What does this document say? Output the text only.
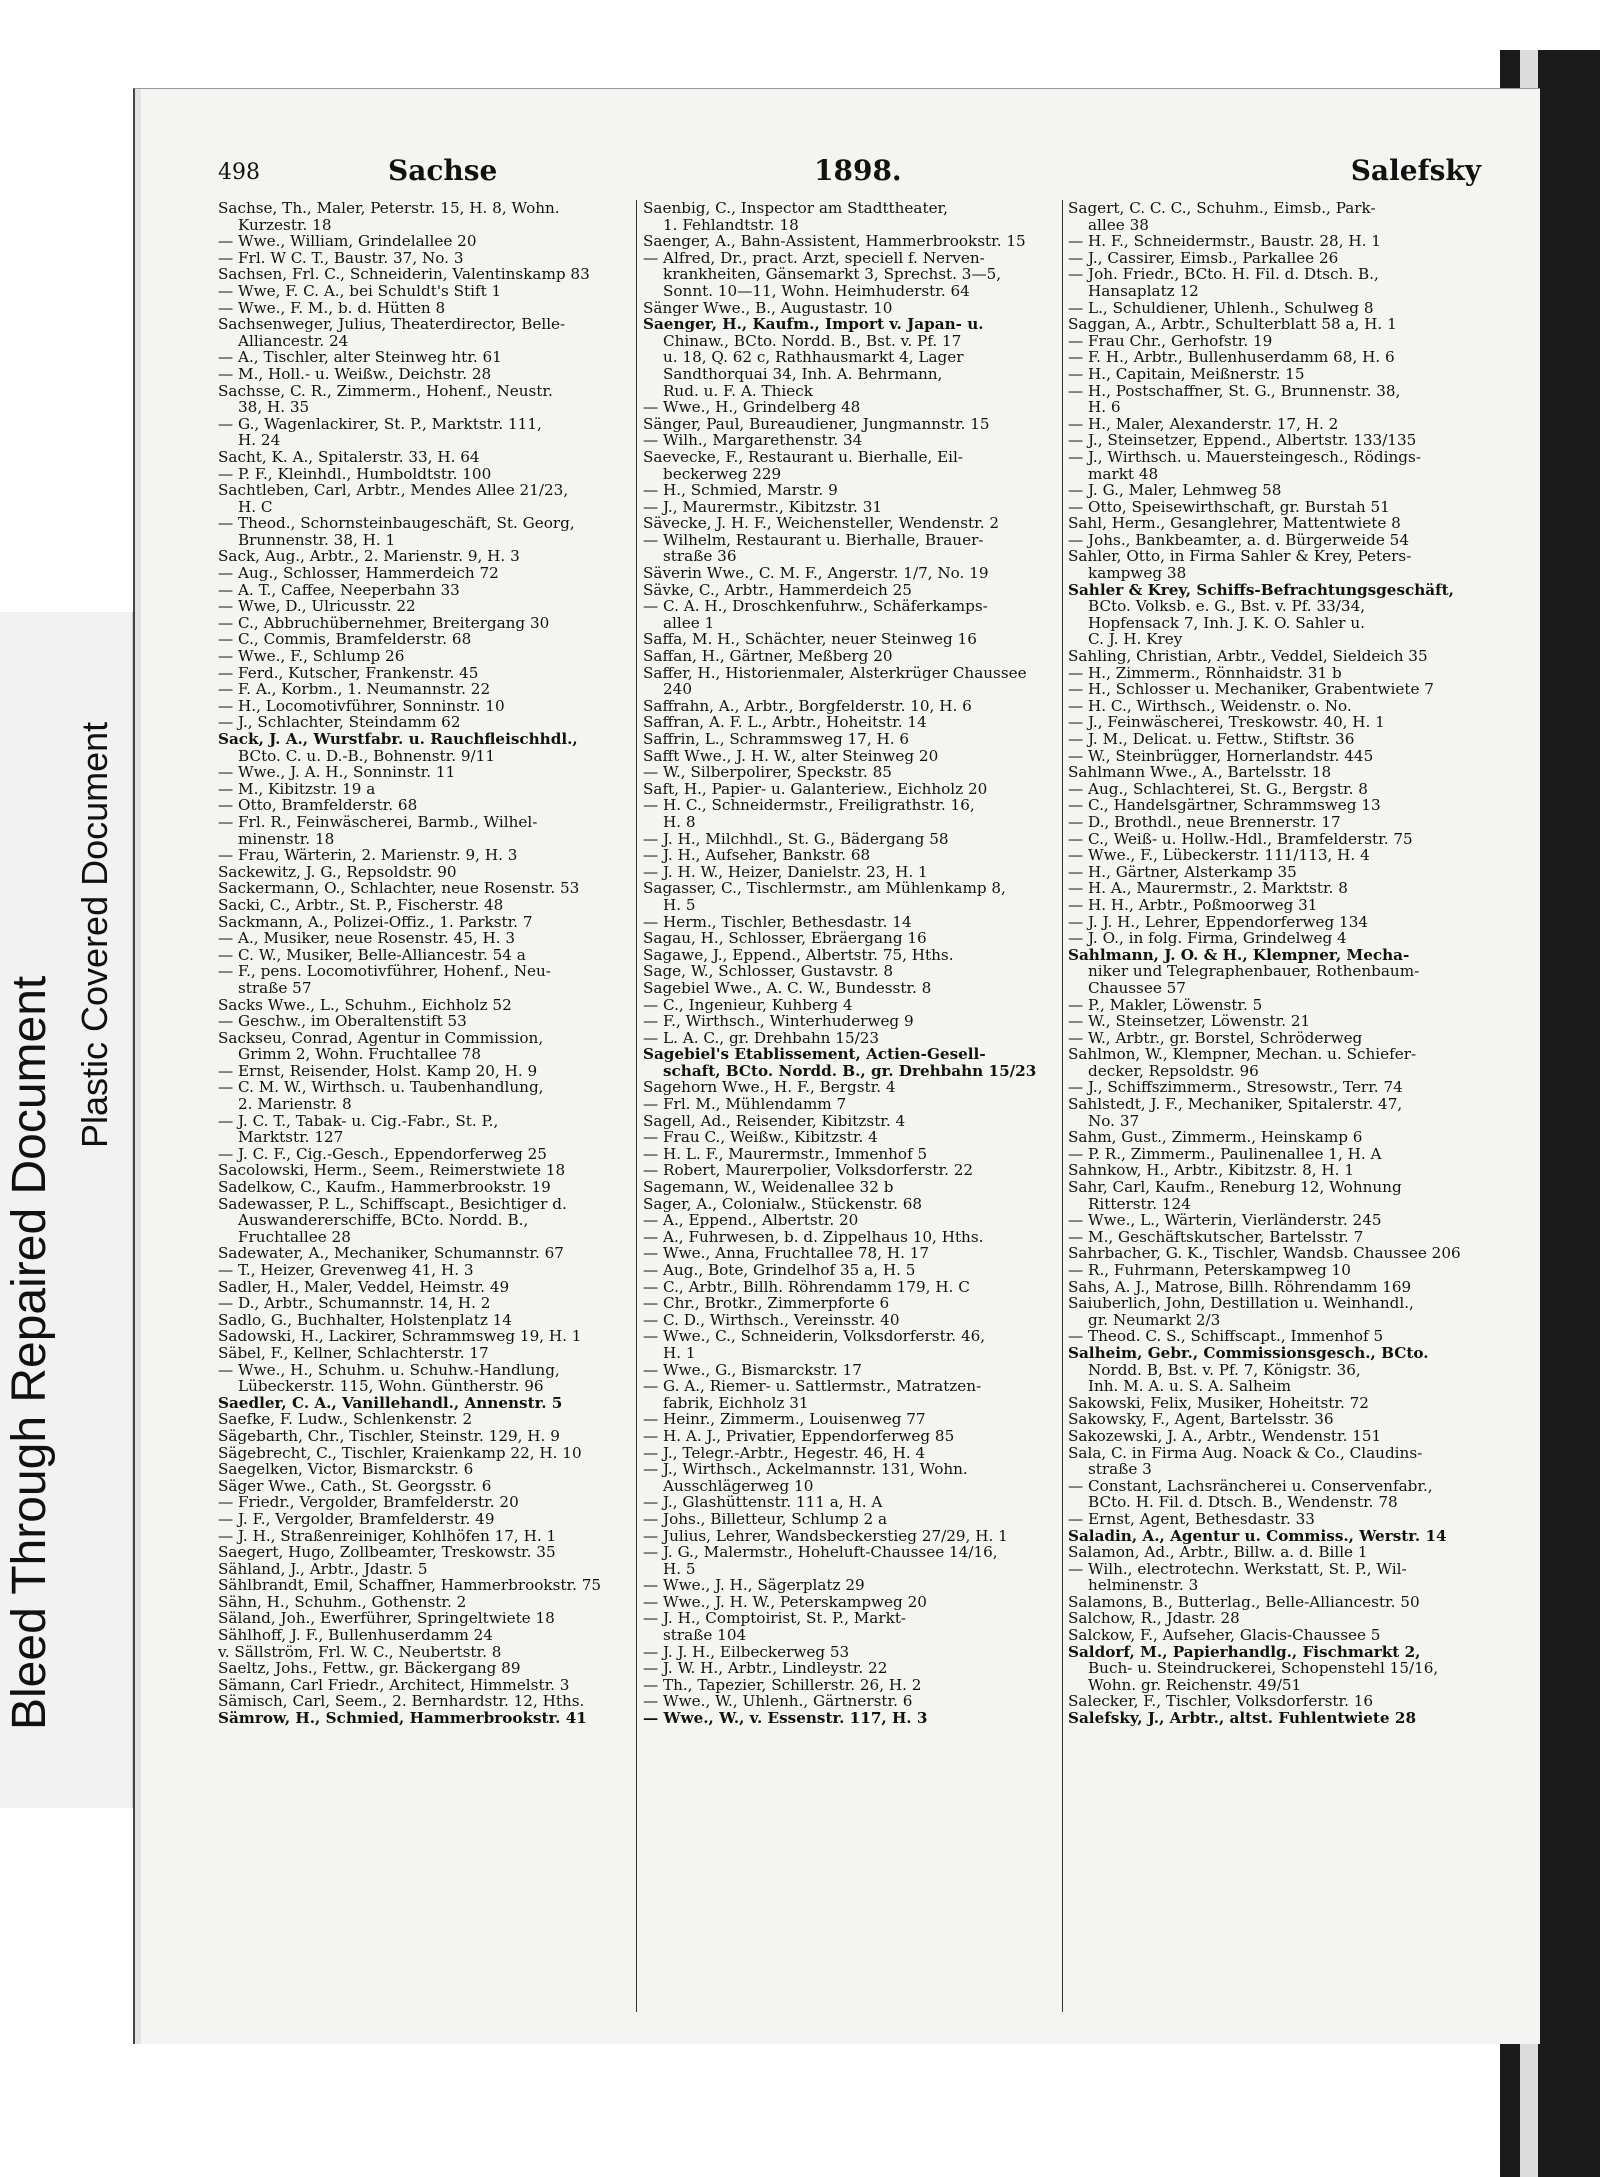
Bleed Through Repaired Document
Plastic Covered Document
498	Sachse	1898.	Salefsky
Sachse, Th., Maler, Peterstr. 15, H. 8, Wohn.
Kurzestr. 18
— Wwe., William, Grindelallee 20
— Frl. W C. T., Baustr. 37, No. 3
Sachsen, Frl. C., Schneiderin, Valentinskamp 83
— Wwe, F. C. A., bei Schuldt's Stift 1
— Wwe., F. M., b. d. Hütten 8
Sachsenweger, Julius, Theaterdirector, Belle-
Alliancestr. 24
— A., Tischler, alter Steinweg htr. 61
— M., Holl.- u. Weißw., Deichstr. 28
Sachsse, C. R., Zimmerm., Hohenf., Neustr.
38, H. 35
— G., Wagenlackirer, St. P., Marktstr. 111,
H. 24
Sacht, K. A., Spitalerstr. 33, H. 64
— P. F., Kleinhdl., Humboldtstr. 100
Sachtleben, Carl, Arbtr., Mendes Allee 21/23,
H. C
— Theod., Schornsteinbaugeschäft, St. Georg,
Brunnenstr. 38, H. 1
Sack, Aug., Arbtr., 2. Marienstr. 9, H. 3
— Aug., Schlosser, Hammerdeich 72
— A. T., Caffee, Neeperbahn 33
— Wwe, D., Ulricusstr. 22
— C., Abbruchübernehmer, Breitergang 30
— C., Commis, Bramfelderstr. 68
— Wwe., F., Schlump 26
— Ferd., Kutscher, Frankenstr. 45
— F. A., Korbm., 1. Neumannstr. 22
— H., Locomotivführer, Sonninstr. 10
— J., Schlachter, Steindamm 62
Sack, J. A., Wurstfabr. u. Rauchfleischhdl.,
BCto. C. u. D.-B., Bohnenstr. 9/11
— Wwe., J. A. H., Sonninstr. 11
— M., Kibitzstr. 19 a
— Otto, Bramfelderstr. 68
— Frl. R., Feinwäscherei, Barmb., Wilhel-
minenstr. 18
— Frau, Wärterin, 2. Marienstr. 9, H. 3
Sackewitz, J. G., Repsoldstr. 90
Sackermann, O., Schlachter, neue Rosenstr. 53
Sacki, C., Arbtr., St. P., Fischerstr. 48
Sackmann, A., Polizei-Offiz., 1. Parkstr. 7
— A., Musiker, neue Rosenstr. 45, H. 3
— C. W., Musiker, Belle-Alliancestr. 54 a
— F., pens. Locomotivführer, Hohenf., Neu-
straße 57
Sacks Wwe., L., Schuhm., Eichholz 52
— Geschw., im Oberaltenstift 53
Sackseu, Conrad, Agentur in Commission,
Grimm 2, Wohn. Fruchtallee 78
— Ernst, Reisender, Holst. Kamp 20, H. 9
— C. M. W., Wirthsch. u. Taubenhandlung,
2. Marienstr. 8
— J. C. T., Tabak- u. Cig.-Fabr., St. P.,
Marktstr. 127
— J. C. F., Cig.-Gesch., Eppendorferweg 25
Sacolowski, Herm., Seem., Reimerstwiete 18
Sadelkow, C., Kaufm., Hammerbrookstr. 19
Sadewasser, P. L., Schiffscapt., Besichtiger d.
Auswandererschiffe, BCto. Nordd. B.,
Fruchtallee 28
Sadewater, A., Mechaniker, Schumannstr. 67
— T., Heizer, Grevenweg 41, H. 3
Sadler, H., Maler, Veddel, Heimstr. 49
— D., Arbtr., Schumannstr. 14, H. 2
Sadlo, G., Buchhalter, Holstenplatz 14
Sadowski, H., Lackirer, Schrammsweg 19, H. 1
Säbel, F., Kellner, Schlachterstr. 17
— Wwe., H., Schuhm. u. Schuhw.-Handlung,
Lübeckerstr. 115, Wohn. Güntherstr. 96
Saedler, C. A., Vanillehandl., Annenstr. 5
Saefke, F. Ludw., Schlenkenstr. 2
Sägebarth, Chr., Tischler, Steinstr. 129, H. 9
Sägebrecht, C., Tischler, Kraienkamp 22, H. 10
Saegelken, Victor, Bismarckstr. 6
Säger Wwe., Cath., St. Georgsstr. 6
— Friedr., Vergolder, Bramfelderstr. 20
— J. F., Vergolder, Bramfelderstr. 49
— J. H., Straßenreiniger, Kohlhöfen 17, H. 1
Saegert, Hugo, Zollbeamter, Treskowstr. 35
Sähland, J., Arbtr., Jdastr. 5
Sählbrandt, Emil, Schaffner, Hammerbrookstr. 75
Sähn, H., Schuhm., Gothenstr. 2
Säland, Joh., Ewerführer, Springeltwiete 18
Sählhoff, J. F., Bullenhuserdamm 24
v. Sällström, Frl. W. C., Neubertstr. 8
Saeltz, Johs., Fettw., gr. Bäckergang 89
Sämann, Carl Friedr., Architect, Himmelstr. 3
Sämisch, Carl, Seem., 2. Bernhardstr. 12, Hths.
Sämrow, H., Schmied, Hammerbrookstr. 41
Saenbig, C., Inspector am Stadttheater,
1. Fehlandtstr. 18
Saenger, A., Bahn-Assistent, Hammerbrookstr. 15
— Alfred, Dr., pract. Arzt, speciell f. Nerven-
krankheiten, Gänsemarkt 3, Sprechst. 3—5,
Sonnt. 10—11, Wohn. Heimhuderstr. 64
Sänger Wwe., B., Augustastr. 10
Saenger, H., Kaufm., Import v. Japan- u.
Chinaw., BCto. Nordd. B., Bst. v. Pf. 17
u. 18, Q. 62 c, Rathhausmarkt 4, Lager
Sandthorquai 34, Inh. A. Behrmann,
Rud. u. F. A. Thieck
— Wwe., H., Grindelberg 48
Sänger, Paul, Bureaudiener, Jungmannstr. 15
— Wilh., Margarethenstr. 34
Saevecke, F., Restaurant u. Bierhalle, Eil-
beckerweg 229
— H., Schmied, Marstr. 9
— J., Maurermstr., Kibitzstr. 31
Sävecke, J. H. F., Weichensteller, Wendenstr. 2
— Wilhelm, Restaurant u. Bierhalle, Brauer-
straße 36
Säverin Wwe., C. M. F., Angerstr. 1/7, No. 19
Sävke, C., Arbtr., Hammerdeich 25
— C. A. H., Droschkenfuhrw., Schäferkamps-
allee 1
Saffa, M. H., Schächter, neuer Steinweg 16
Saffan, H., Gärtner, Meßberg 20
Saffer, H., Historienmaler, Alsterkrüger Chaussee
240
Saffrahn, A., Arbtr., Borgfelderstr. 10, H. 6
Saffran, A. F. L., Arbtr., Hoheitstr. 14
Saffrin, L., Schrammsweg 17, H. 6
Safft Wwe., J. H. W., alter Steinweg 20
— W., Silberpolirer, Speckstr. 85
Saft, H., Papier- u. Galanteriew., Eichholz 20
— H. C., Schneidermstr., Freiligrathstr. 16,
H. 8
— J. H., Milchhdl., St. G., Bädergang 58
— J. H., Aufseher, Bankstr. 68
— J. H. W., Heizer, Danielstr. 23, H. 1
Sagasser, C., Tischlermstr., am Mühlenkamp 8,
H. 5
— Herm., Tischler, Bethesdastr. 14
Sagau, H., Schlosser, Ebräergang 16
Sagawe, J., Eppend., Albertstr. 75, Hths.
Sage, W., Schlosser, Gustavstr. 8
Sagebiel Wwe., A. C. W., Bundesstr. 8
— C., Ingenieur, Kuhberg 4
— F., Wirthsch., Winterhuderweg 9
— L. A. C., gr. Drehbahn 15/23
Sagebiel's Etablissement, Actien-Gesell-
schaft, BCto. Nordd. B., gr. Drehbahn 15/23
Sagehorn Wwe., H. F., Bergstr. 4
— Frl. M., Mühlendamm 7
Sagell, Ad., Reisender, Kibitzstr. 4
— Frau C., Weißw., Kibitzstr. 4
— H. L. F., Maurermstr., Immenhof 5
— Robert, Maurerpolier, Volksdorferstr. 22
Sagemann, W., Weidenallee 32 b
Sager, A., Colonialw., Stückenstr. 68
— A., Eppend., Albertstr. 20
— A., Fuhrwesen, b. d. Zippelhaus 10, Hths.
— Wwe., Anna, Fruchtallee 78, H. 17
— Aug., Bote, Grindelhof 35 a, H. 5
— C., Arbtr., Billh. Röhrendamm 179, H. C
— Chr., Brotkr., Zimmerpforte 6
— C. D., Wirthsch., Vereinsstr. 40
— Wwe., C., Schneiderin, Volksdorferstr. 46,
H. 1
— Wwe., G., Bismarckstr. 17
— G. A., Riemer- u. Sattlermstr., Matratzen-
fabrik, Eichholz 31
— Heinr., Zimmerm., Louisenweg 77
— H. A. J., Privatier, Eppendorferweg 85
— J., Telegr.-Arbtr., Hegestr. 46, H. 4
— J., Wirthsch., Ackelmannstr. 131, Wohn.
Ausschlägerweg 10
— J., Glashüttenstr. 111 a, H. A
— Johs., Billetteur, Schlump 2 a
— Julius, Lehrer, Wandsbeckerstieg 27/29, H. 1
— J. G., Malermstr., Hoheluft-Chaussee 14/16,
H. 5
— Wwe., J. H., Sägerplatz 29
— Wwe., J. H. W., Peterskampweg 20
— J. H., Comptoirist, St. P., Markt-
straße 104
— J. J. H., Eilbeckerweg 53
— J. W. H., Arbtr., Lindleystr. 22
— Th., Tapezier, Schillerstr. 26, H. 2
— Wwe., W., Uhlenh., Gärtnerstr. 6
— Wwe., W., v. Essenstr. 117, H. 3
Sagert, C. C. C., Schuhm., Eimsb., Park-
allee 38
— H. F., Schneidermstr., Baustr. 28, H. 1
— J., Cassirer, Eimsb., Parkallee 26
— Joh. Friedr., BCto. H. Fil. d. Dtsch. B.,
Hansaplatz 12
— L., Schuldiener, Uhlenh., Schulweg 8
Saggan, A., Arbtr., Schulterblatt 58 a, H. 1
— Frau Chr., Gerhofstr. 19
— F. H., Arbtr., Bullenhuserdamm 68, H. 6
— H., Capitain, Meißnerstr. 15
— H., Postschaffner, St. G., Brunnenstr. 38,
H. 6
— H., Maler, Alexanderstr. 17, H. 2
— J., Steinsetzer, Eppend., Albertstr. 133/135
— J., Wirthsch. u. Mauersteingesch., Rödings-
markt 48
— J. G., Maler, Lehmweg 58
— Otto, Speisewirthschaft, gr. Burstah 51
Sahl, Herm., Gesanglehrer, Mattentwiete 8
— Johs., Bankbeamter, a. d. Bürgerweide 54
Sahler, Otto, in Firma Sahler & Krey, Peters-
kampweg 38
Sahler & Krey, Schiffs-Befrachtungsgeschäft,
BCto. Volksb. e. G., Bst. v. Pf. 33/34,
Hopfensack 7, Inh. J. K. O. Sahler u.
C. J. H. Krey
Sahling, Christian, Arbtr., Veddel, Sieldeich 35
— H., Zimmerm., Rönnhaidstr. 31 b
— H., Schlosser u. Mechaniker, Grabentwiete 7
— H. C., Wirthsch., Weidenstr. o. No.
— J., Feinwäscherei, Treskowstr. 40, H. 1
— J. M., Delicat. u. Fettw., Stiftstr. 36
— W., Steinbrügger, Hornerlandstr. 445
Sahlmann Wwe., A., Bartelsstr. 18
— Aug., Schlachterei, St. G., Bergstr. 8
— C., Handelsgärtner, Schrammsweg 13
— D., Brothdl., neue Brennerstr. 17
— C., Weiß- u. Hollw.-Hdl., Bramfelderstr. 75
— Wwe., F., Lübeckerstr. 111/113, H. 4
— H., Gärtner, Alsterkamp 35
— H. A., Maurermstr., 2. Marktstr. 8
— H. H., Arbtr., Poßmoorweg 31
— J. J. H., Lehrer, Eppendorferweg 134
— J. O., in folg. Firma, Grindelweg 4
Sahlmann, J. O. & H., Klempner, Mecha-
niker und Telegraphenbauer, Rothenbaum-
Chaussee 57
— P., Makler, Löwenstr. 5
— W., Steinsetzer, Löwenstr. 21
— W., Arbtr., gr. Borstel, Schröderweg
Sahlmon, W., Klempner, Mechan. u. Schiefer-
decker, Repsoldstr. 96
— J., Schiffszimmerm., Stresowstr., Terr. 74
Sahlstedt, J. F., Mechaniker, Spitalerstr. 47,
No. 37
Sahm, Gust., Zimmerm., Heinskamp 6
— P. R., Zimmerm., Paulinenallee 1, H. A
Sahnkow, H., Arbtr., Kibitzstr. 8, H. 1
Sahr, Carl, Kaufm., Reneburg 12, Wohnung
Ritterstr. 124
— Wwe., L., Wärterin, Vierländerstr. 245
— M., Geschäftskutscher, Bartelsstr. 7
Sahrbacher, G. K., Tischler, Wandsb. Chaussee 206
— R., Fuhrmann, Peterskampweg 10
Sahs, A. J., Matrose, Billh. Röhrendamm 169
Saiuberlich, John, Destillation u. Weinhandl.,
gr. Neumarkt 2/3
— Theod. C. S., Schiffscapt., Immenhof 5
Salheim, Gebr., Commissionsgesch., BCto.
Nordd. B, Bst. v. Pf. 7, Königstr. 36,
Inh. M. A. u. S. A. Salheim
Sakowski, Felix, Musiker, Hoheitstr. 72
Sakowsky, F., Agent, Bartelsstr. 36
Sakozewski, J. A., Arbtr., Wendenstr. 151
Sala, C. in Firma Aug. Noack & Co., Claudins-
straße 3
— Constant, Lachsräncherei u. Conservenfabr.,
BCto. H. Fil. d. Dtsch. B., Wendenstr. 78
— Ernst, Agent, Bethesdastr. 33
Saladin, A., Agentur u. Commiss., Werstr. 14
Salamon, Ad., Arbtr., Billw. a. d. Bille 1
— Wilh., electrotechn. Werkstatt, St. P., Wil-
helminenstr. 3
Salamons, B., Butterlag., Belle-Alliancestr. 50
Salchow, R., Jdastr. 28
Salckow, F., Aufseher, Glacis-Chaussee 5
Saldorf, M., Papierhandlg., Fischmarkt 2,
Buch- u. Steindruckerei, Schopenstehl 15/16,
Wohn. gr. Reichenstr. 49/51
Salecker, F., Tischler, Volksdorferstr. 16
Salefsky, J., Arbtr., altst. Fuhlentwiete 28
